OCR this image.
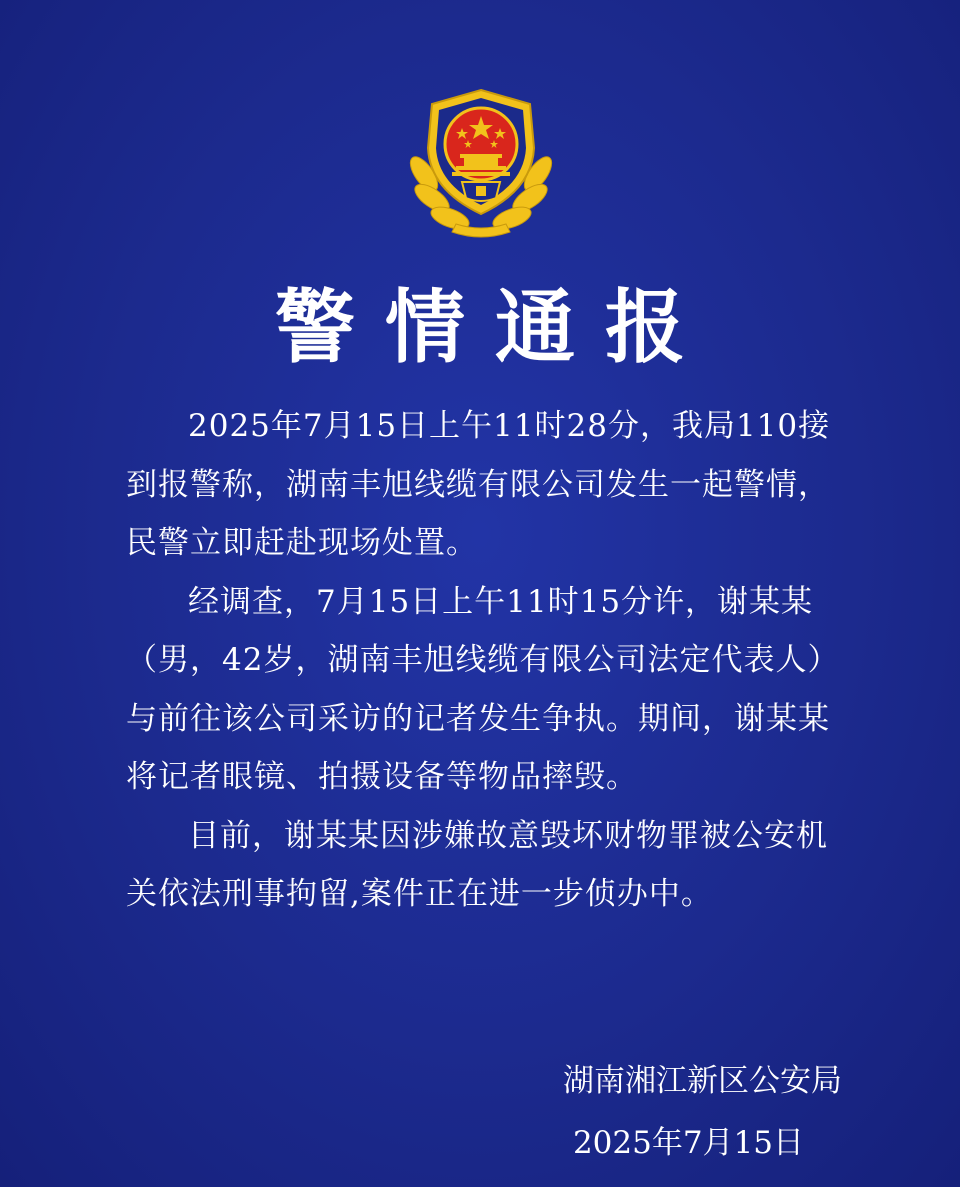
警情通报

2025年7月15日上午11时28分，我局110接到报警称，湖南丰旭线缆有限公司发生一起警情，民警立即赶赴现场处置。

经调查，7月15日上午11时15分许，谢某某（男，42岁，湖南丰旭线缆有限公司法定代表人）与前往该公司采访的记者发生争执。期间，谢某某将记者眼镜、拍摄设备等物品摔毁。

目前，谢某某因涉嫌故意毁坏财物罪被公安机关依法刑事拘留,案件正在进一步侦办中。

湖南湘江新区公安局
2025年7月15日
